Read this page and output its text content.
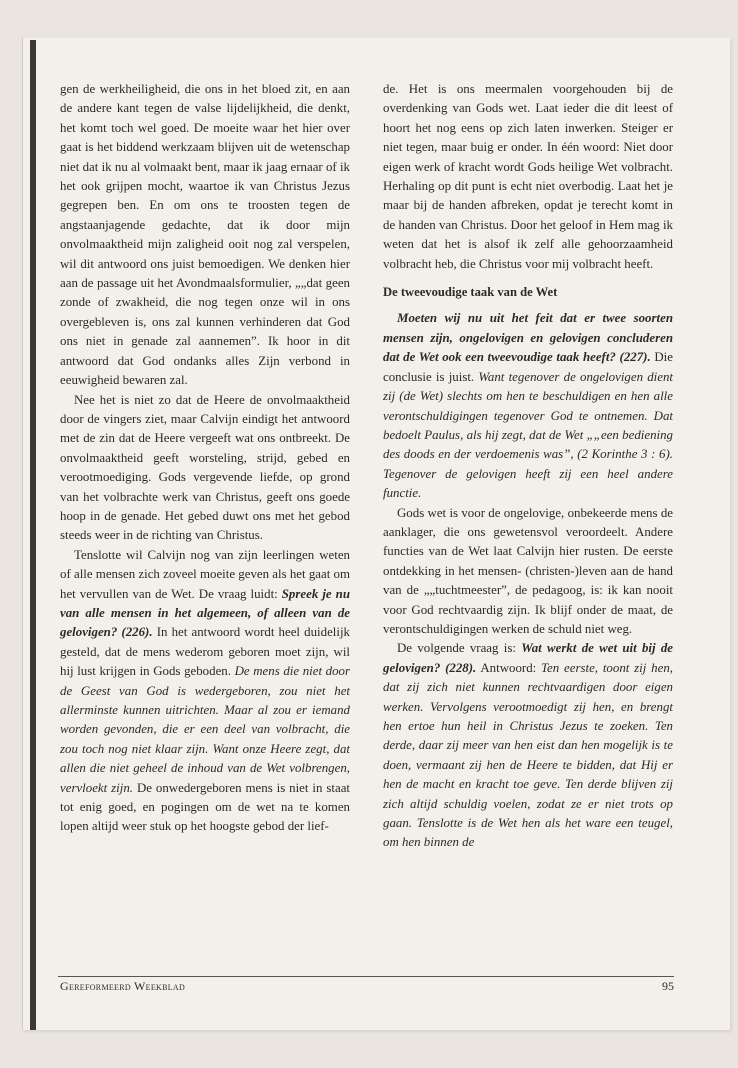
gen de werkheiligheid, die ons in het bloed zit, en aan de andere kant tegen de valse lijdelijkheid, die denkt, het komt toch wel goed. De moeite waar het hier over gaat is het biddend werkzaam blijven uit de wetenschap niet dat ik nu al volmaakt bent, maar ik jaag ernaar of ik het ook grijpen mocht, waartoe ik van Christus Jezus gegrepen ben. En om ons te troosten tegen de angstaanjagende gedachte, dat ik door mijn onvolmaaktheid mijn zaligheid ooit nog zal verspelen, wil dit antwoord ons juist bemoedigen. We denken hier aan de passage uit het Avondmaalsformulier, „„dat geen zonde of zwakheid, die nog tegen onze wil in ons overgebleven is, ons zal kunnen verhinderen dat God ons niet in genade zal aannemen”. Ik hoor in dit antwoord dat God ondanks alles Zijn verbond in eeuwigheid bewaren zal.

Nee het is niet zo dat de Heere de onvolmaaktheid door de vingers ziet, maar Calvijn eindigt het antwoord met de zin dat de Heere vergeeft wat ons ontbreekt. De onvolmaaktheid geeft worsteling, strijd, gebed en verootmoediging. Gods vergevende liefde, op grond van het volbrachte werk van Christus, geeft ons goede hoop in de genade. Het gebed duwt ons met het gebod steeds weer in de richting van Christus.

Tenslotte wil Calvijn nog van zijn leerlingen weten of alle mensen zich zoveel moeite geven als het gaat om het vervullen van de Wet. De vraag luidt: Spreek je nu van alle mensen in het algemeen, of alleen van de gelovigen? (226). In het antwoord wordt heel duidelijk gesteld, dat de mens wederom geboren moet zijn, wil hij lust krijgen in Gods geboden. De mens die niet door de Geest van God is wedergeboren, zou niet het allerminste kunnen uitrichten. Maar al zou er iemand worden gevonden, die er een deel van volbracht, die zou toch nog niet klaar zijn. Want onze Heere zegt, dat allen die niet geheel de inhoud van de Wet volbrengen, vervloekt zijn. De onwedergeboren mens is niet in staat tot enig goed, en pogingen om de wet na te komen lopen altijd weer stuk op het hoogste gebod der lief-

de. Het is ons meermalen voorgehouden bij de overdenking van Gods wet. Laat ieder die dit leest of hoort het nog eens op zich laten inwerken. Steiger er niet tegen, maar buig er onder. In één woord: Niet door eigen werk of kracht wordt Gods heilige Wet volbracht. Herhaling op dit punt is echt niet overbodig. Laat het je maar bij de handen afbreken, opdat je terecht komt in de handen van Christus. Door het geloof in Hem mag ik weten dat het is alsof ik zelf alle gehoorzaamheid volbracht heb, die Christus voor mij volbracht heeft.

De tweevoudige taak van de Wet

Moeten wij nu uit het feit dat er twee soorten mensen zijn, ongelovigen en gelovigen concluderen dat de Wet ook een tweevoudige taak heeft? (227). Die conclusie is juist. Want tegenover de ongelovigen dient zij (de Wet) slechts om hen te beschuldigen en hen alle verontschuldigingen tegenover God te ontnemen. Dat bedoelt Paulus, als hij zegt, dat de Wet „„een bediening des doods en der verdoemenis was”, (2 Korinthe 3 : 6). Tegenover de gelovigen heeft zij een heel andere functie.

Gods wet is voor de ongelovige, onbekeerde mens de aanklager, die ons gewetensvol veroordeelt. Andere functies van de Wet laat Calvijn hier rusten. De eerste ontdekking in het mensen- (christen-)leven aan de hand van de „„tuchtmeester”, de pedagoog, is: ik kan nooit voor God rechtvaardig zijn. Ik blijf onder de maat, de verontschuldigingen werken de schuld niet weg.

De volgende vraag is: Wat werkt de wet uit bij de gelovigen? (228). Antwoord: Ten eerste, toont zij hen, dat zij zich niet kunnen rechtvaardigen door eigen werken. Vervolgens verootmoedigt zij hen, en brengt hen ertoe hun heil in Christus Jezus te zoeken. Ten derde, daar zij meer van hen eist dan hen mogelijk is te doen, vermaant zij hen de Heere te bidden, dat Hij er hen de macht en kracht toe geve. Ten derde blijven zij zich altijd schuldig voelen, zodat ze er niet trots op gaan. Tenslotte is de Wet hen als het ware een teugel, om hen binnen de

Gereformeerd Weekblad	95
